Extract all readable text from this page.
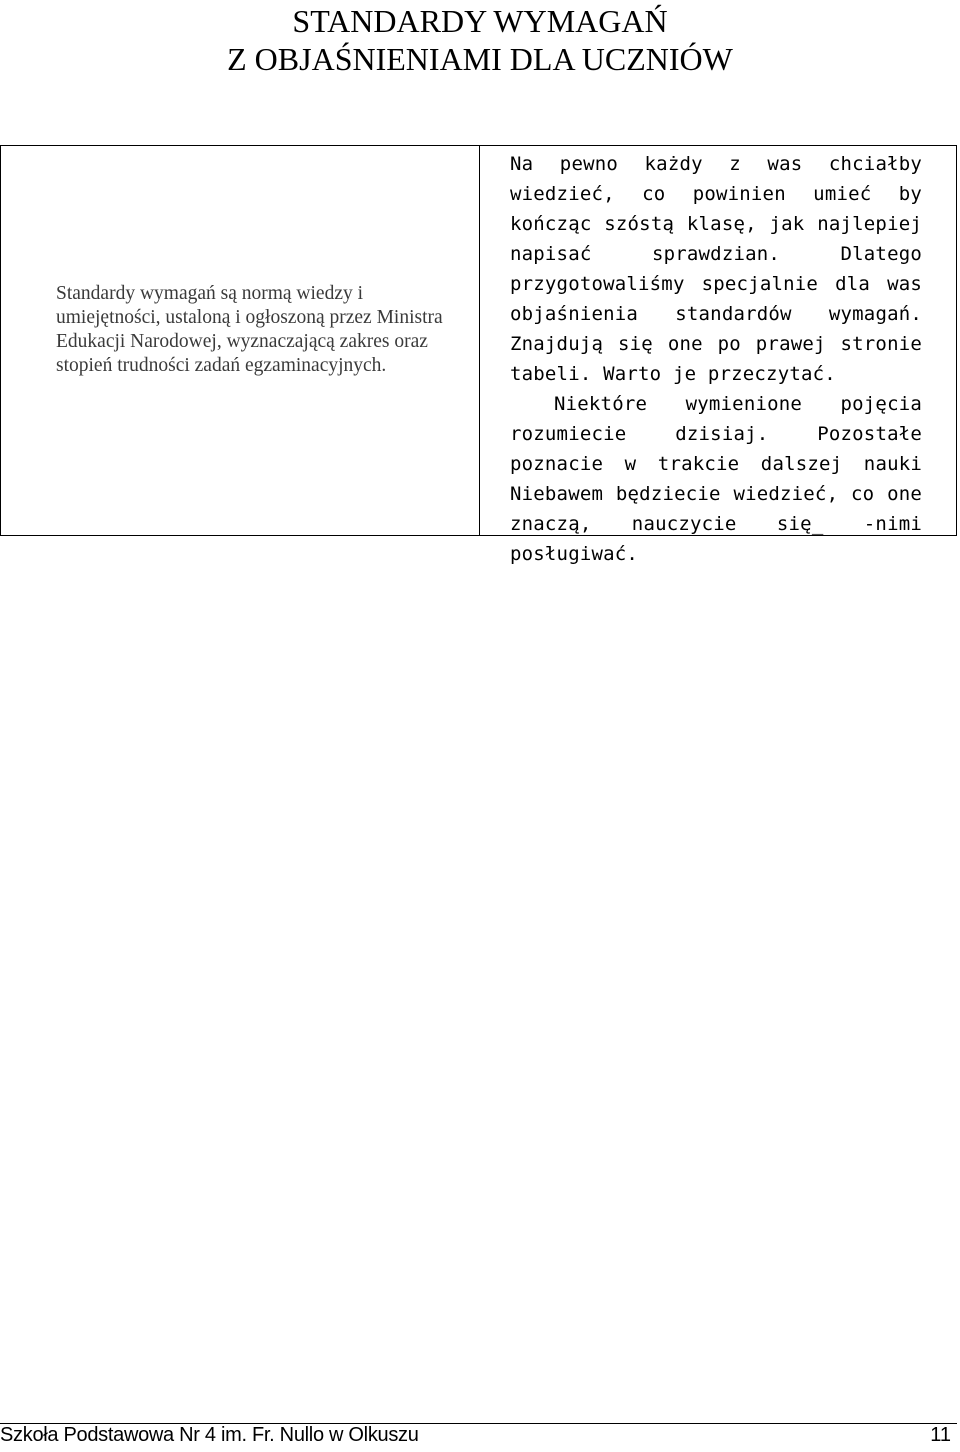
STANDARDY WYMAGAŃ
Z OBJAŚNIENIAMI DLA UCZNIÓW

Standardy wymagań są normą wiedzy i umiejętności, ustaloną i ogłoszoną przez Ministra Edukacji Narodowej, wyznaczającą zakres oraz stopień trudności zadań egzaminacyjnych.

Na pewno każdy z was chciałby wiedzieć, co powinien umieć by kończąc szóstą klasę, jak najlepiej napisać sprawdzian. Dlatego przygotowaliśmy specjalnie dla was objaśnienia standardów wymagań. Znajdują się one po prawej stronie tabeli. Warto je przeczytać.
Niektóre wymienione pojęcia rozumiecie dzisiaj. Pozostałe poznacie w trakcie dalszej nauki Niebawem będziecie wiedzieć, co one znaczą, nauczycie się_ -nimi posługiwać.

Szkoła Podstawowa Nr 4 im. Fr. Nullo w Olkuszu	11
